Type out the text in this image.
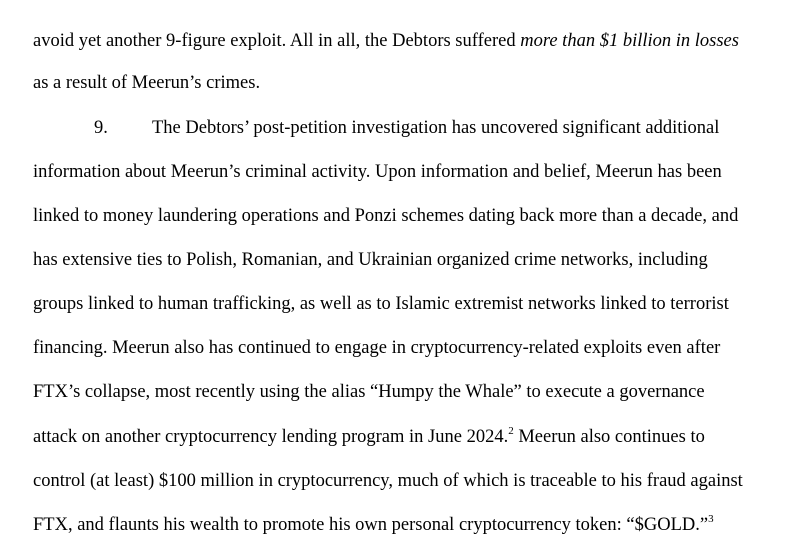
avoid yet another 9-figure exploit. All in all, the Debtors suffered more than $1 billion in losses
as a result of Meerun’s crimes.
9. The Debtors’ post-petition investigation has uncovered significant additional
information about Meerun’s criminal activity. Upon information and belief, Meerun has been
linked to money laundering operations and Ponzi schemes dating back more than a decade, and
has extensive ties to Polish, Romanian, and Ukrainian organized crime networks, including
groups linked to human trafficking, as well as to Islamic extremist networks linked to terrorist
financing. Meerun also has continued to engage in cryptocurrency-related exploits even after
FTX’s collapse, most recently using the alias “Humpy the Whale” to execute a governance
attack on another cryptocurrency lending program in June 2024.$^2$ Meerun also continues to
control (at least) $100 million in cryptocurrency, much of which is traceable to his fraud against
FTX, and flaunts his wealth to promote his own personal cryptocurrency token: “$GOLD.”$^3$
